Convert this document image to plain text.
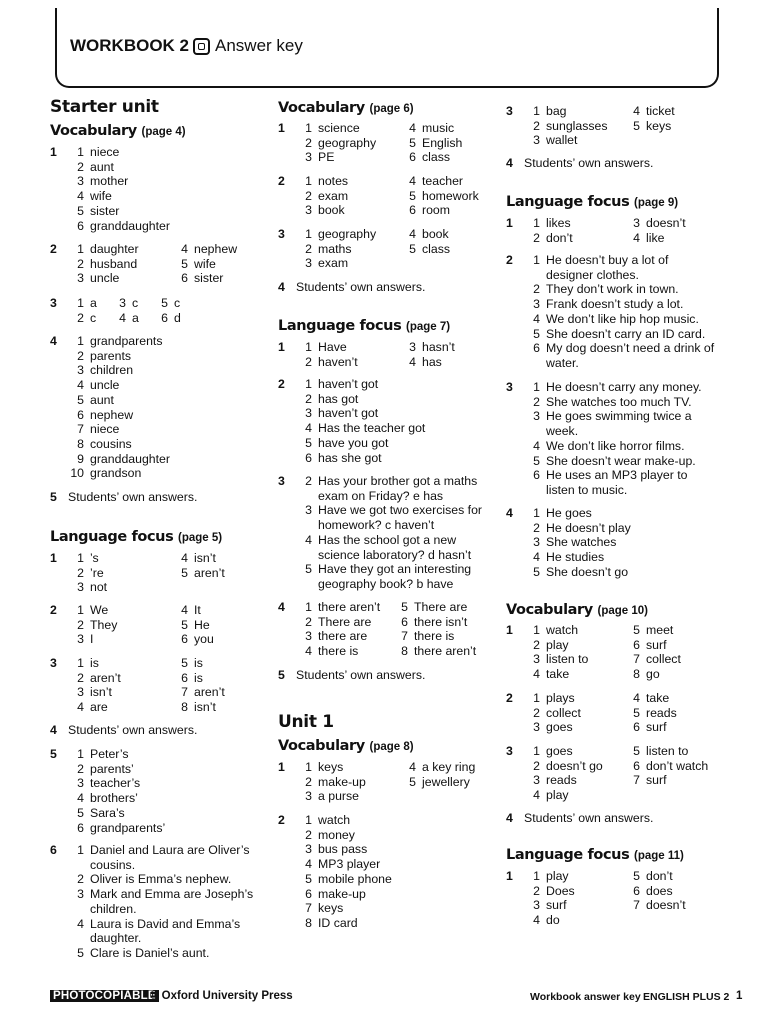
WORKBOOK 2 Answer key
Starter unit
Vocabulary (page 4)
Language focus (page 5)
1	1 niece
2 aunt
3 mother
4 wife
5 sister
6 granddaughter
2	1 daughter	4 nephew
2 husband	5 wife
3 uncle	6 sister
3	1 a	3 c	5 c
2 c	4 a	6 d
4	1 grandparents
2 parents
3 children
4 uncle
5 aunt
6 nephew
7 niece
8 cousins
9 granddaughter
10 grandson
5 Students’ own answers.
1	1 ’s	4 isn’t
2 ’re	5 aren’t
3 not
2	1 We	4 It
2 They	5 He
3 I	6 you
3	1 is	5 is
2 aren’t	6 is
3 isn’t	7 aren’t
4 are	8 isn’t
4 Students’ own answers.
5	1 Peter’s
2 parents’
3 teacher’s
4 brothers’
5 Sara’s
6 grandparents’
6	1 Daniel and Laura are Oliver’s cousins.
2 Oliver is Emma’s nephew.
3 Mark and Emma are Joseph’s children.
4 Laura is David and Emma’s daughter.
5 Clare is Daniel’s aunt.
Vocabulary (page 6)
Language focus (page 7)
Unit 1
Vocabulary (page 8)
1	1 science	4 music
2 geography	5 English
3 PE	6 class
2	1 notes	4 teacher
2 exam	5 homework
3 book	6 room
3	1 geography	4 book
2 maths	5 class
3 exam
4 Students’ own answers.
1	1 Have	3 hasn’t
2 haven’t	4 has
2	1 haven’t got
2 has got
3 haven’t got
4 Has the teacher got
5 have you got
6 has she got
3	2 Has your brother got a maths exam on Friday? e has
3 Have we got two exercises for homework? c haven’t
4 Has the school got a new science laboratory? d hasn’t
5 Have they got an interesting geography book? b have
4	1 there aren’t	5 There are
2 There are	6 there isn’t
3 there are	7 there is
4 there is	8 there aren’t
5 Students’ own answers.
1	1 keys	4 a key ring
2 make-up	5 jewellery
3 a purse
2	1 watch
2 money
3 bus pass
4 MP3 player
5 mobile phone
6 make-up
7 keys
8 ID card
Language focus (page 9)
Vocabulary (page 10)
Language focus (page 11)
3	1 bag	4 ticket
2 sunglasses	5 keys
3 wallet
4 Students’ own answers.
1	1 likes	3 doesn’t
2 don’t	4 like
2	1 He doesn’t buy a lot of designer clothes.
2 They don’t work in town.
3 Frank doesn’t study a lot.
4 We don’t like hip hop music.
5 She doesn’t carry an ID card.
6 My dog doesn’t need a drink of water.
3	1 He doesn’t carry any money.
2 She watches too much TV.
3 He goes swimming twice a week.
4 We don’t like horror films.
5 She doesn’t wear make-up.
6 He uses an MP3 player to listen to music.
4	1 He goes
2 He doesn’t play
3 She watches
4 He studies
5 She doesn’t go
1	1 watch	5 meet
2 play	6 surf
3 listen to	7 collect
4 take	8 go
2	1 plays	4 take
2 collect	5 reads
3 goes	6 surf
3	1 goes	5 listen to
2 doesn’t go	6 don’t watch
3 reads	7 surf
4 play
4 Students’ own answers.
1	1 play	5 don’t
2 Does	6 does
3 surf	7 doesn’t
4 do
PHOTOCOPIABLE
© Oxford University Press	Workbook answer key ENGLISH PLUS 2 1
